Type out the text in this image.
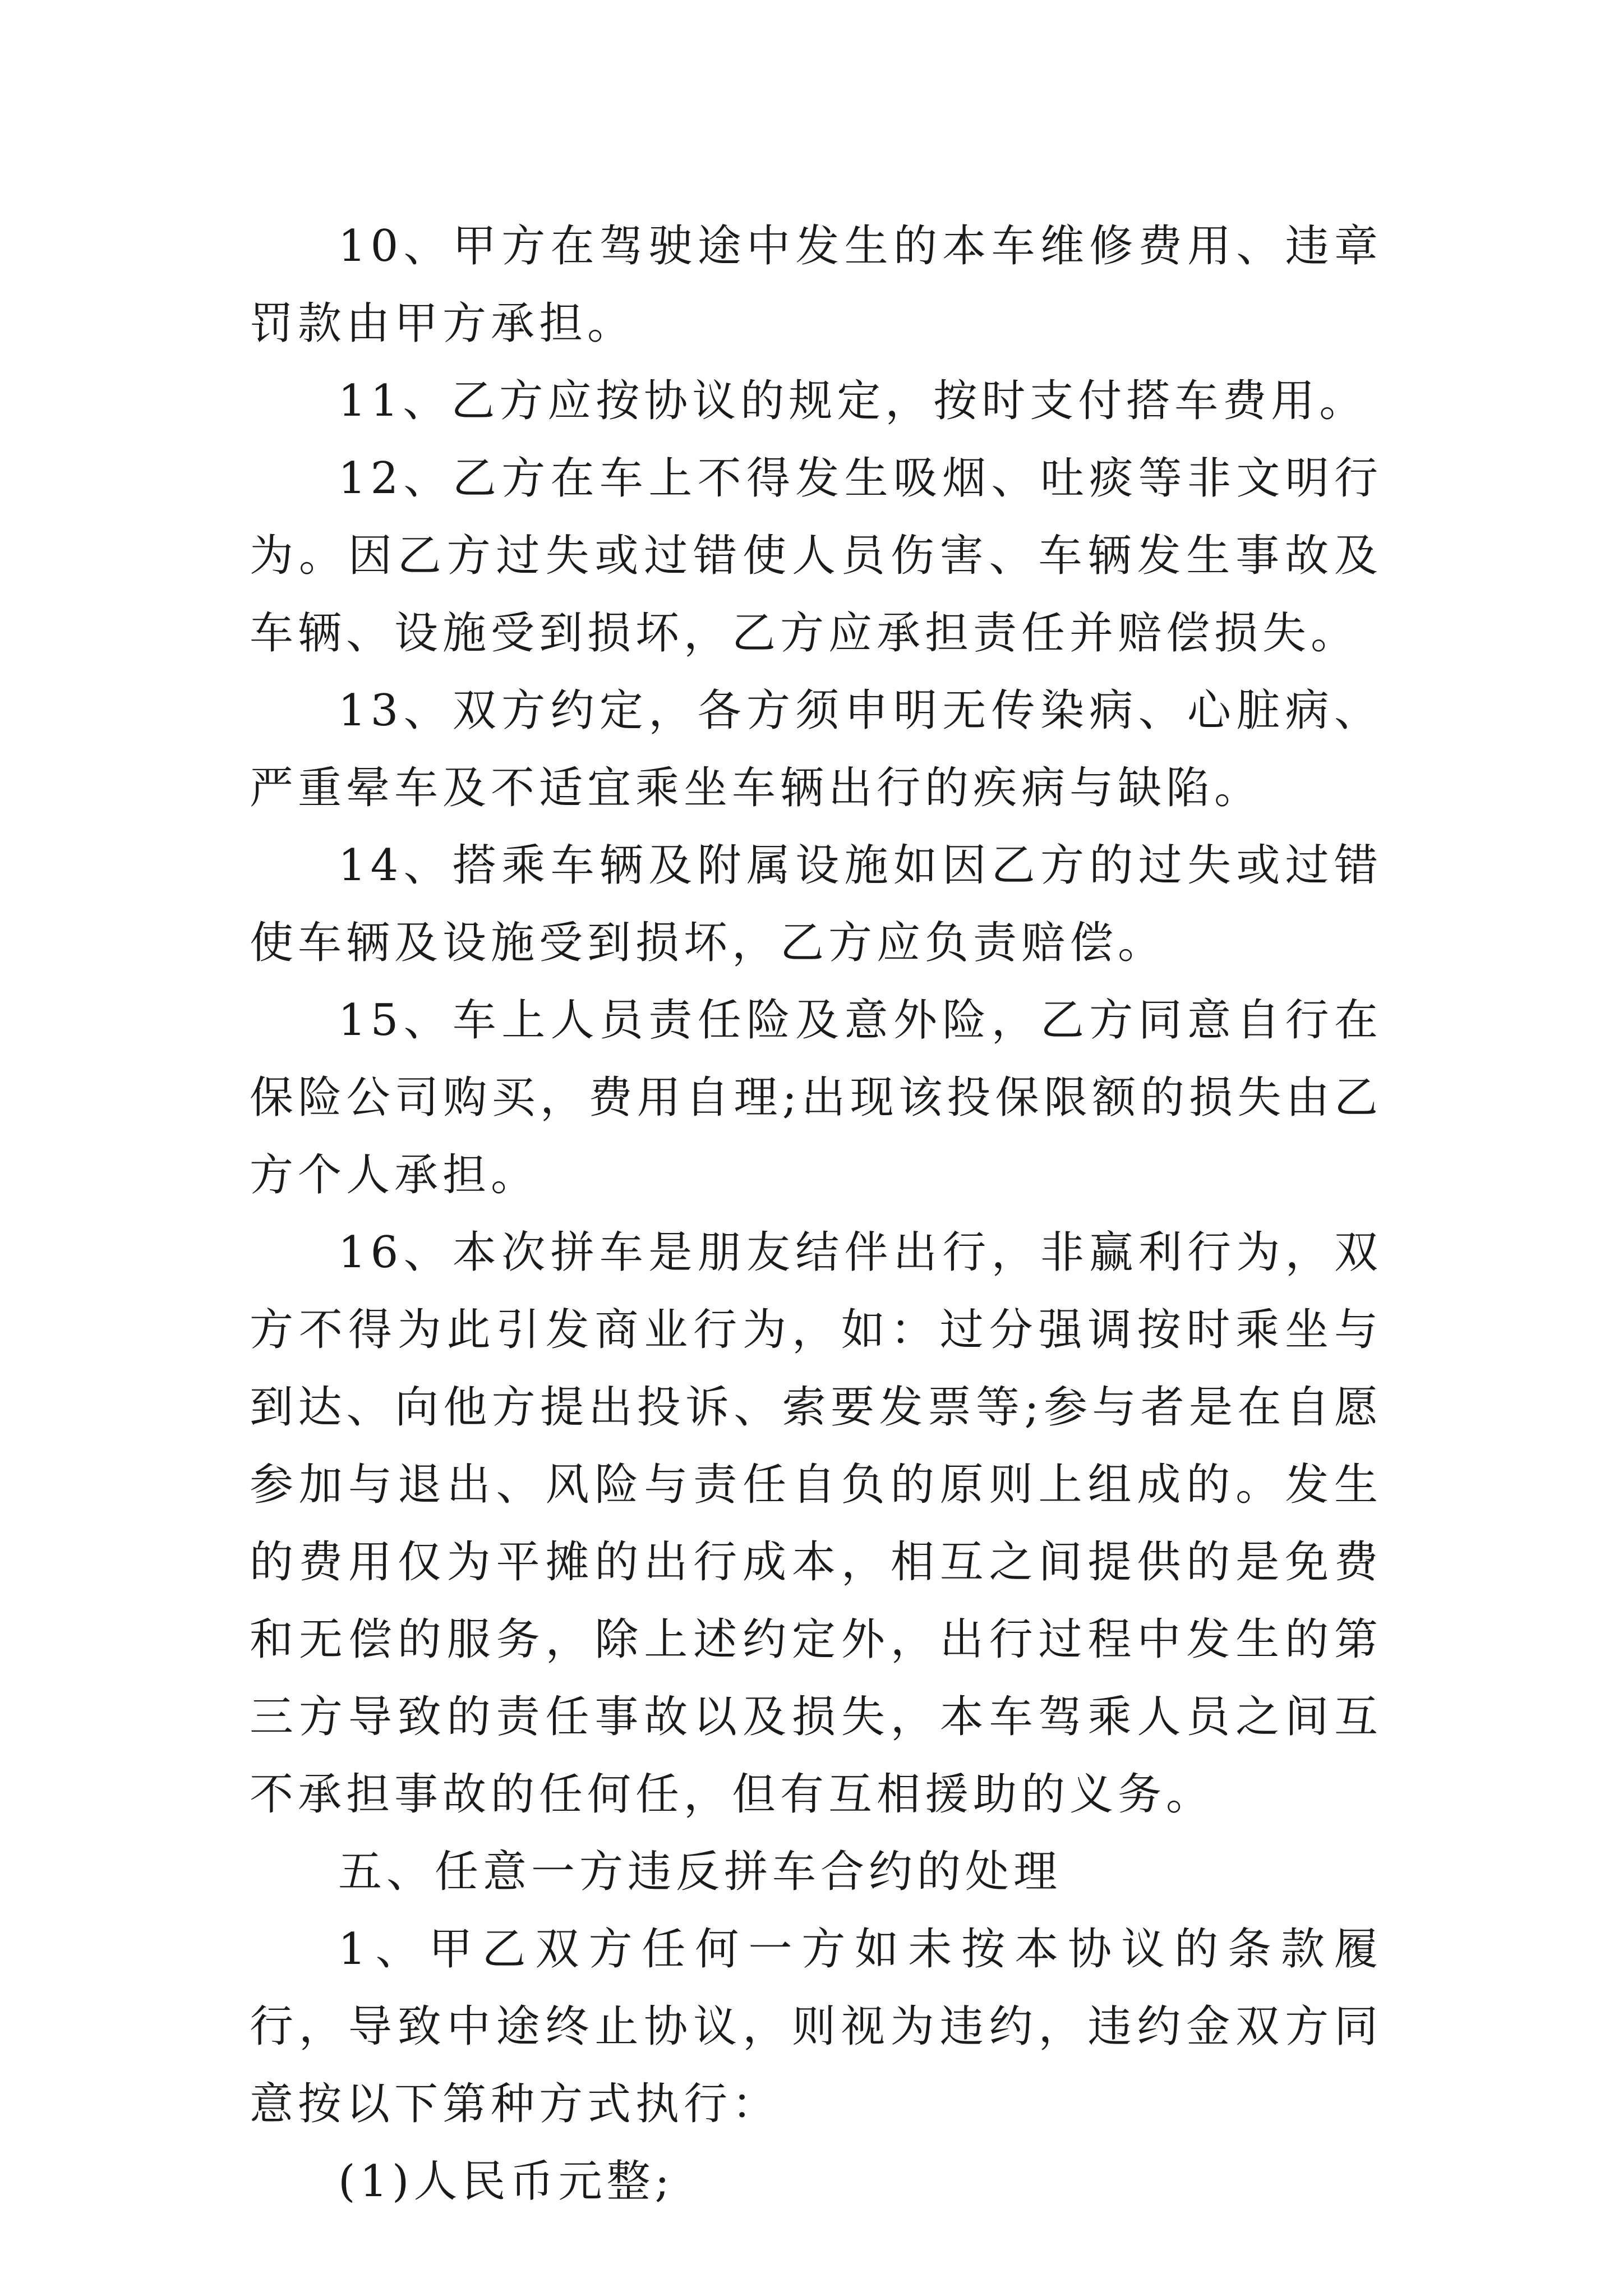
10、甲方在驾驶途中发生的本车维修费用、违章罚款由甲方承担。

11、乙方应按协议的规定，按时支付搭车费用。

12、乙方在车上不得发生吸烟、吐痰等非文明行为。因乙方过失或过错使人员伤害、车辆发生事故及车辆、设施受到损坏，乙方应承担责任并赔偿损失。

13、双方约定，各方须申明无传染病、心脏病、严重晕车及不适宜乘坐车辆出行的疾病与缺陷。

14、搭乘车辆及附属设施如因乙方的过失或过错使车辆及设施受到损坏，乙方应负责赔偿。

15、车上人员责任险及意外险，乙方同意自行在保险公司购买，费用自理;出现该投保限额的损失由乙方个人承担。

16、本次拼车是朋友结伴出行，非赢利行为，双方不得为此引发商业行为，如：过分强调按时乘坐与到达、向他方提出投诉、索要发票等;参与者是在自愿参加与退出、风险与责任自负的原则上组成的。发生的费用仅为平摊的出行成本，相互之间提供的是免费和无偿的服务，除上述约定外，出行过程中发生的第三方导致的责任事故以及损失，本车驾乘人员之间互不承担事故的任何任，但有互相援助的义务。

五、任意一方违反拼车合约的处理

1、甲乙双方任何一方如未按本协议的条款履行，导致中途终止协议，则视为违约，违约金双方同意按以下第种方式执行：

(1)人民币元整;
